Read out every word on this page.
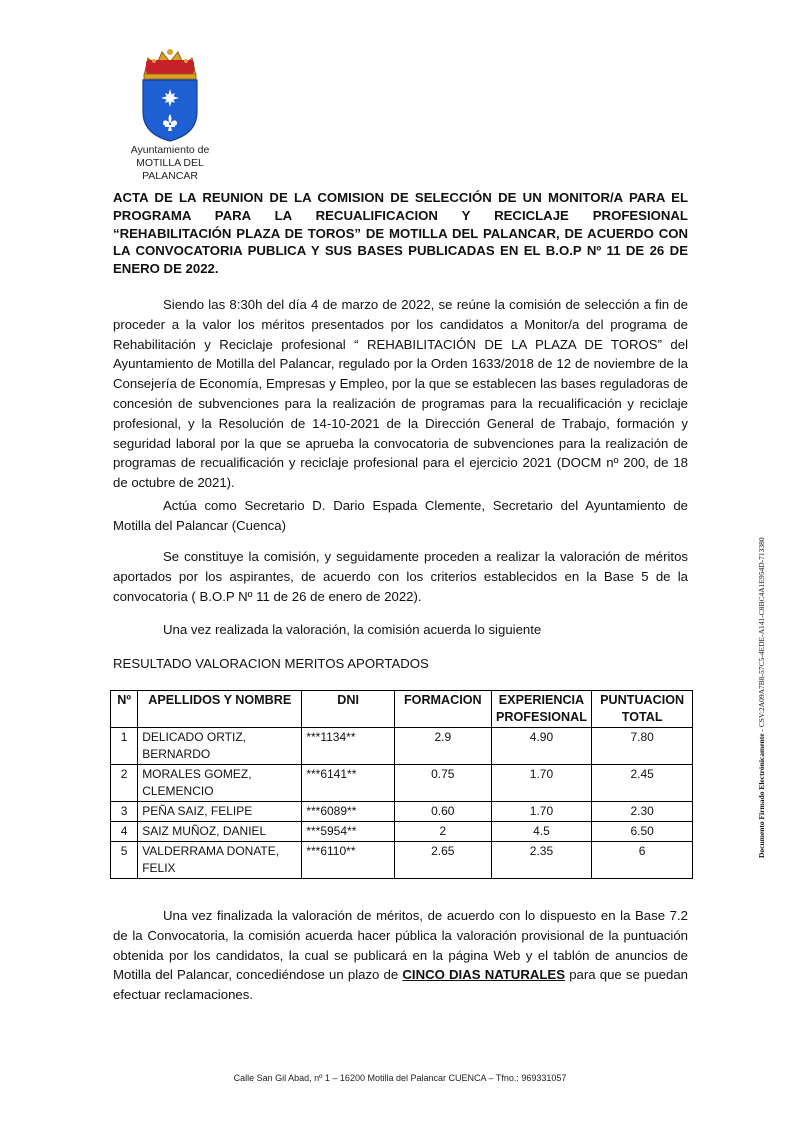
Ayuntamiento de
MOTILLA DEL PALANCAR
ACTA DE LA REUNION DE LA COMISION DE SELECCIÓN DE UN MONITOR/A PARA EL PROGRAMA PARA LA RECUALIFICACION Y RECICLAJE PROFESIONAL “REHABILITACIÓN PLAZA DE TOROS” DE MOTILLA DEL PALANCAR, DE ACUERDO CON LA CONVOCATORIA PUBLICA Y SUS BASES PUBLICADAS EN EL B.O.P Nº 11 DE 26 DE ENERO DE 2022.
Siendo las 8:30h del día 4 de marzo de 2022, se reúne la comisión de selección a fin de proceder a la valor los méritos presentados por los candidatos a Monitor/a del programa de Rehabilitación y Reciclaje profesional “ REHABILITACIÓN DE LA PLAZA DE TOROS” del Ayuntamiento de Motilla del Palancar, regulado por la Orden 1633/2018 de 12 de noviembre de la Consejería de Economía, Empresas y Empleo, por la que se establecen las bases reguladoras de concesión de subvenciones para la realización de programas para la recualificación y reciclaje profesional, y la Resolución de 14-10-2021 de la Dirección General de Trabajo, formación y seguridad laboral por la que se aprueba la convocatoria de subvenciones para la realización de programas de recualificación y reciclaje profesional para el ejercicio 2021 (DOCM nº 200, de 18 de octubre de 2021).
Actúa como Secretario D. Dario Espada Clemente, Secretario del Ayuntamiento de Motilla del Palancar (Cuenca)
Se constituye la comisión, y seguidamente proceden a realizar la valoración de méritos aportados por los aspirantes, de acuerdo con los criterios establecidos en la Base 5 de la convocatoria ( B.O.P Nº 11 de 26 de enero de 2022).
Una vez realizada la valoración, la comisión acuerda lo siguiente
RESULTADO VALORACION MERITOS APORTADOS
Nº	APELLIDOS Y NOMBRE	DNI	FORMACION	EXPERIENCIA PROFESIONAL	PUNTUACION TOTAL
1	DELICADO ORTIZ, BERNARDO	***1134**	2.9	4.90	7.80
2	MORALES GOMEZ, CLEMENCIO	***6141**	0.75	1.70	2.45
3	PEÑA SAIZ, FELIPE	***6089**	0.60	1.70	2.30
4	SAIZ MUÑOZ, DANIEL	***5954**	2	4.5	6.50
5	VALDERRAMA DONATE, FELIX	***6110**	2.65	2.35	6
Una vez finalizada la valoración de méritos, de acuerdo con lo dispuesto en la Base 7.2 de la Convocatoria, la comisión acuerda hacer pública la valoración provisional de la puntuación obtenida por los candidatos, la cual se publicará en la página Web y el tablón de anuncios de Motilla del Palancar, concediéndose un plazo de CINCO DIAS NATURALES para que se puedan efectuar reclamaciones.
Documento Firmado Electrónicamente - CSV:2A09A7B8-57C5-4EDE-A141-C8BC4A1E954D-713380
Calle San Gil Abad, nº 1 – 16200 Motilla del Palancar CUENCA – Tfno.: 969331057
